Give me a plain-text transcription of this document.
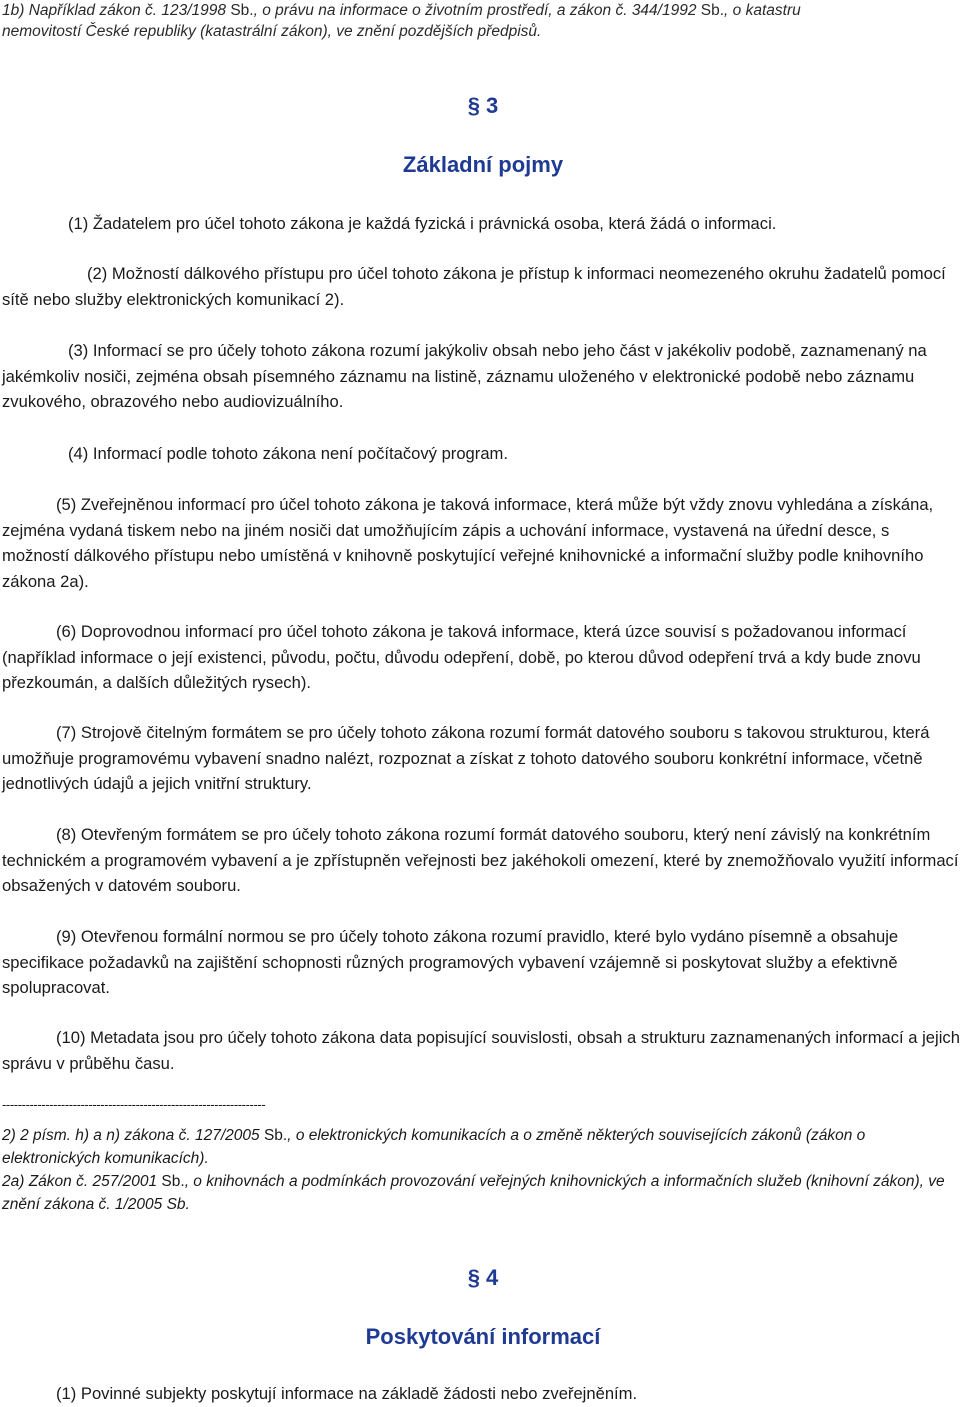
1b) Například zákon č. 123/1998 Sb., o právu na informace o životním prostředí, a zákon č. 344/1992 Sb., o katastru
nemovitostí České republiky (katastrální zákon), ve znění pozdějších předpisů.
§ 3
Základní pojmy
(1) Žadatelem pro účel tohoto zákona je každá fyzická i právnická osoba, která žádá o informaci.
(2) Možností dálkového přístupu pro účel tohoto zákona je přístup k informaci neomezeného okruhu žadatelů pomocí sítě nebo služby elektronických komunikací 2).
(3) Informací se pro účely tohoto zákona rozumí jakýkoliv obsah nebo jeho část v jakékoliv podobě, zaznamenaný na jakémkoliv nosiči, zejména obsah písemného záznamu na listině, záznamu uloženého v elektronické podobě nebo záznamu zvukového, obrazového nebo audiovizuálního.
(4) Informací podle tohoto zákona není počítačový program.
(5) Zveřejněnou informací pro účel tohoto zákona je taková informace, která může být vždy znovu vyhledána a získána, zejména vydaná tiskem nebo na jiném nosiči dat umožňujícím zápis a uchování informace, vystavená na úřední desce, s možností dálkového přístupu nebo umístěná v knihovně poskytující veřejné knihovnické a informační služby podle knihovního zákona 2a).
(6) Doprovodnou informací pro účel tohoto zákona je taková informace, která úzce souvisí s požadovanou informací (například informace o její existenci, původu, počtu, důvodu odepření, době, po kterou důvod odepření trvá a kdy bude znovu přezkoumán, a dalších důležitých rysech).
(7) Strojově čitelným formátem se pro účely tohoto zákona rozumí formát datového souboru s takovou strukturou, která umožňuje programovému vybavení snadno nalézt, rozpoznat a získat z tohoto datového souboru konkrétní informace, včetně jednotlivých údajů a jejich vnitřní struktury.
(8) Otevřeným formátem se pro účely tohoto zákona rozumí formát datového souboru, který není závislý na konkrétním technickém a programovém vybavení a je zpřístupněn veřejnosti bez jakéhokoli omezení, které by znemožňovalo využití informací obsažených v datovém souboru.
(9) Otevřenou formální normou se pro účely tohoto zákona rozumí pravidlo, které bylo vydáno písemně a obsahuje specifikace požadavků na zajištění schopnosti různých programových vybavení vzájemně si poskytovat služby a efektivně spolupracovat.
(10) Metadata jsou pro účely tohoto zákona data popisující souvislosti, obsah a strukturu zaznamenaných informací a jejich správu v průběhu času.
-------------------------------------------------------------------
2) 2 písm. h) a n) zákona č. 127/2005 Sb., o elektronických komunikacích a o změně některých souvisejících zákonů (zákon o elektronických komunikacích).
2a) Zákon č. 257/2001 Sb., o knihovnách a podmínkách provozování veřejných knihovnických a informačních služeb (knihovní zákon), ve znění zákona č. 1/2005 Sb.
§ 4
Poskytování informací
(1) Povinné subjekty poskytují informace na základě žádosti nebo zveřejněním.
